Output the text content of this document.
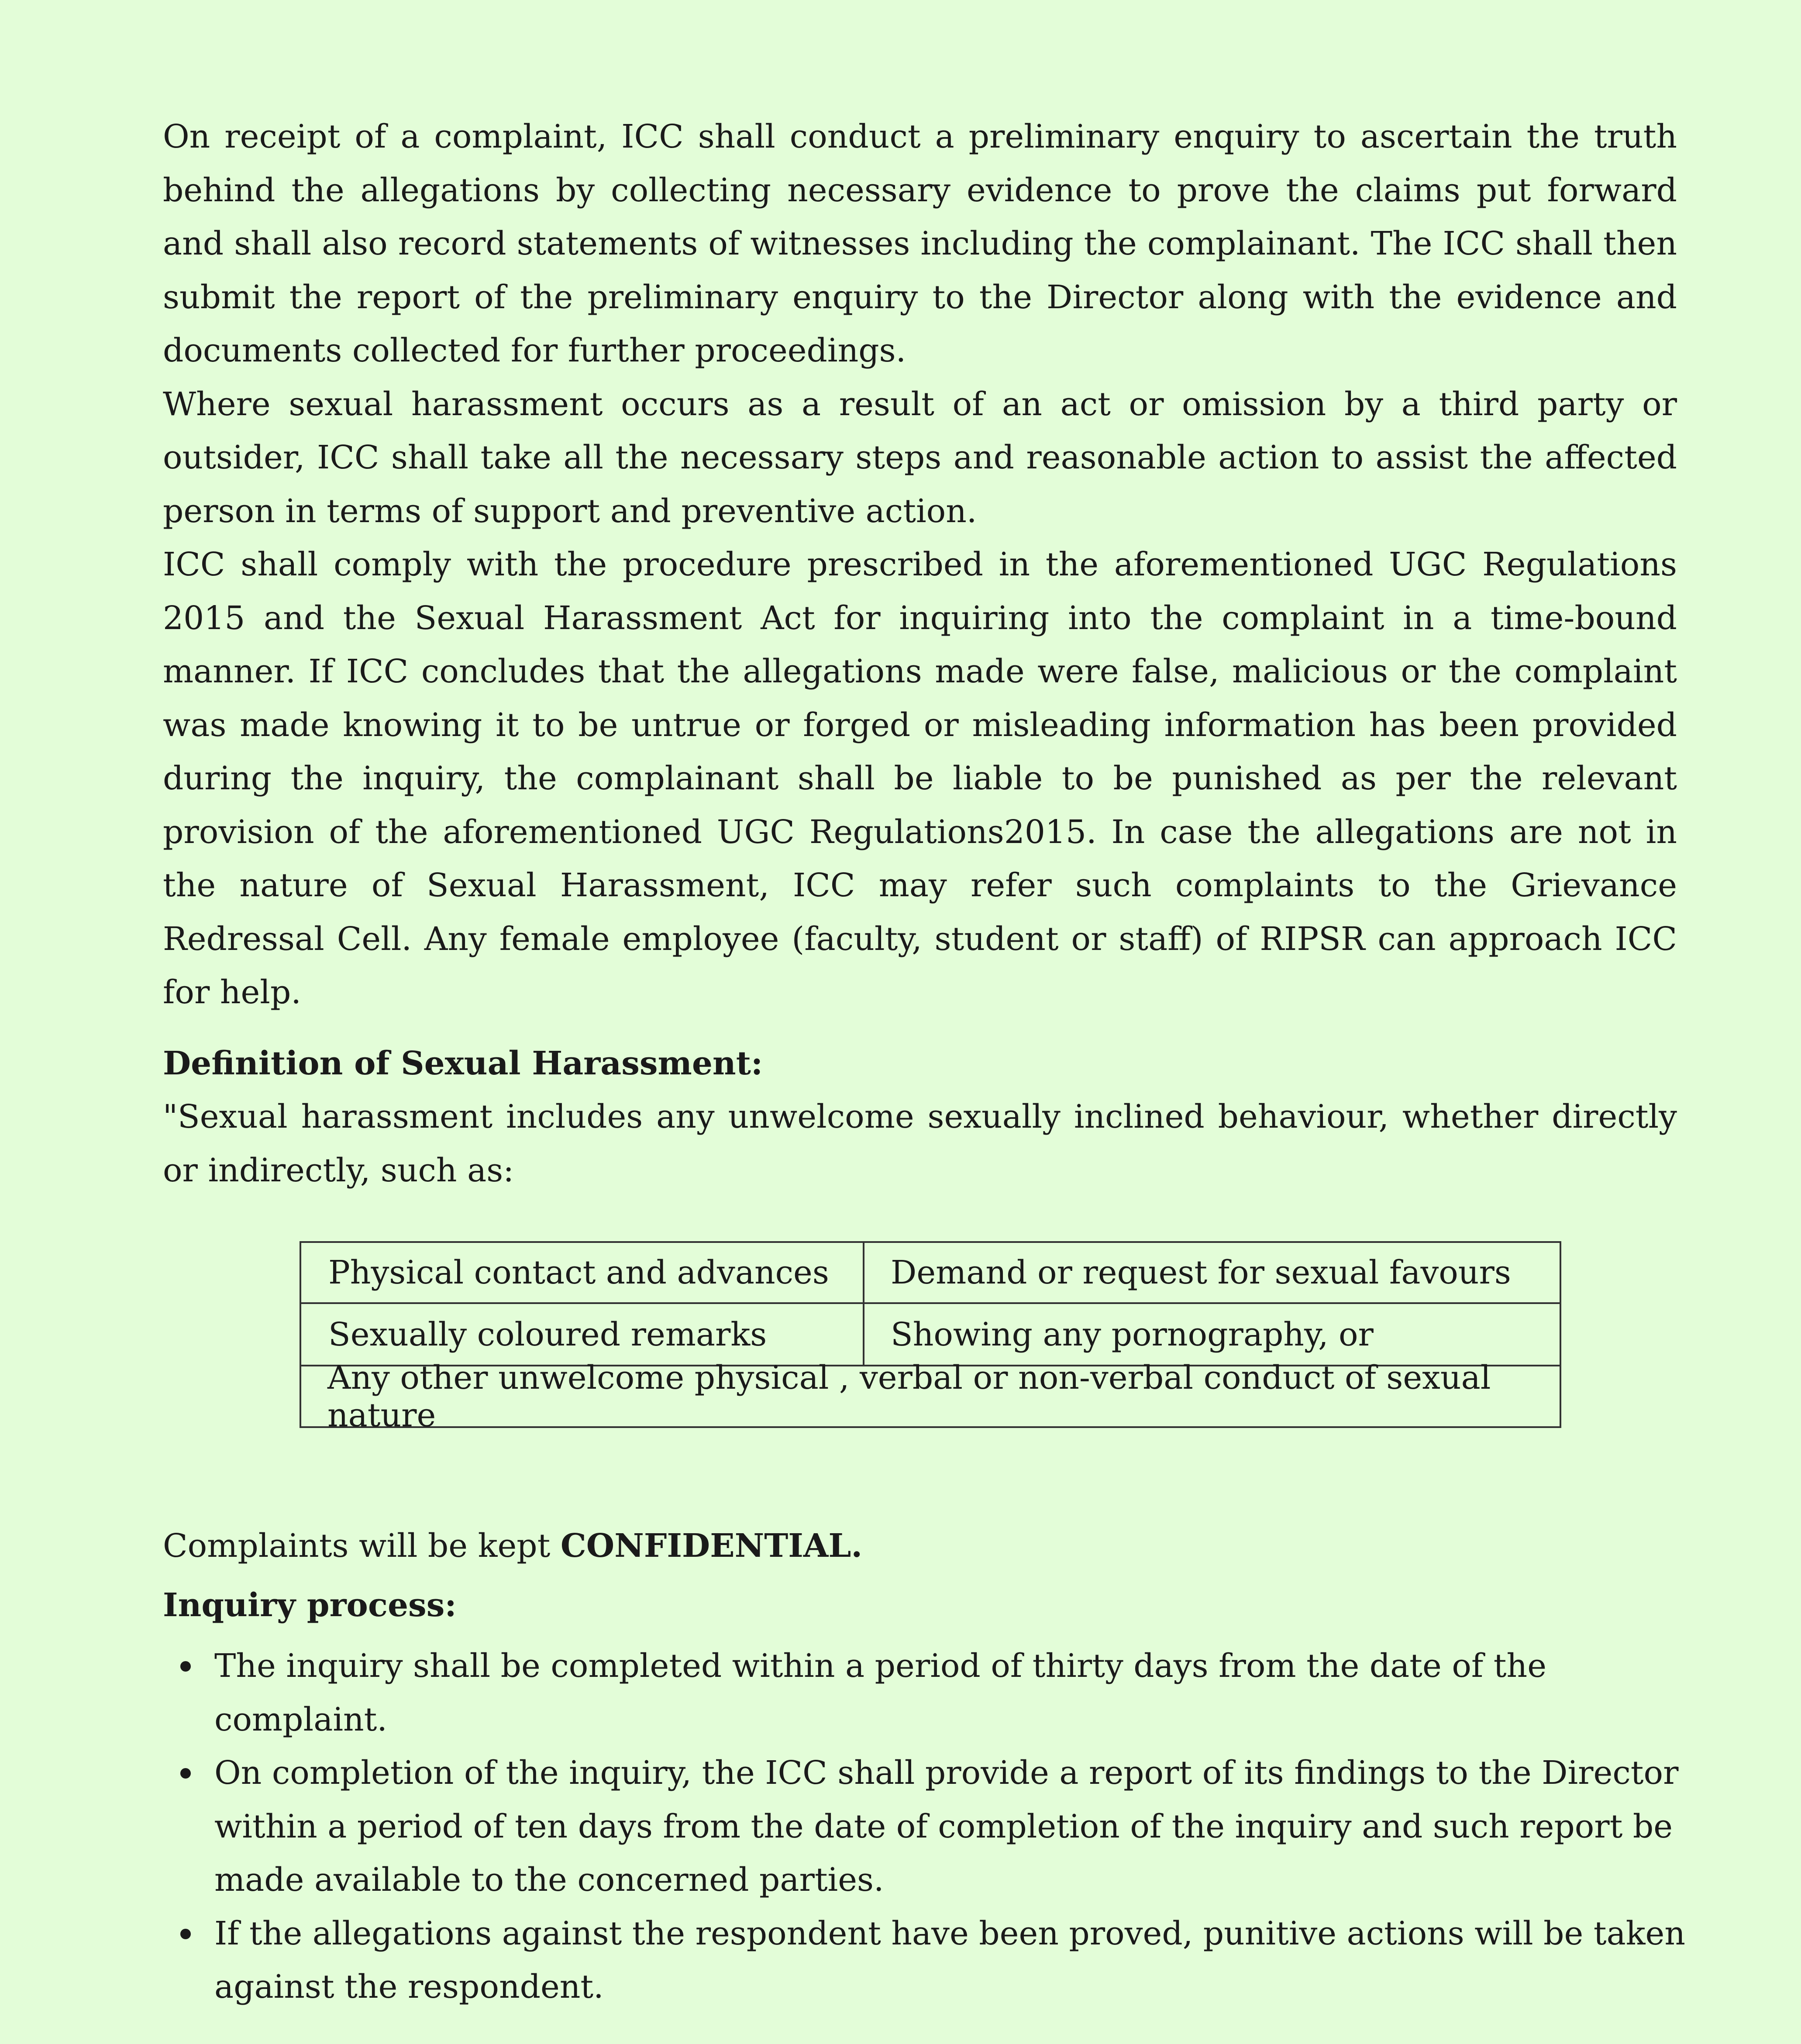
On receipt of a complaint, ICC shall conduct a preliminary enquiry to ascertain the truth behind the allegations by collecting necessary evidence to prove the claims put forward and shall also record statements of witnesses including the complainant. The ICC shall then submit the report of the preliminary enquiry to the Director along with the evidence and documents collected for further proceedings.

Where sexual harassment occurs as a result of an act or omission by a third party or outsider, ICC shall take all the necessary steps and reasonable action to assist the affected person in terms of support and preventive action.

ICC shall comply with the procedure prescribed in the aforementioned UGC Regulations 2015 and the Sexual Harassment Act for inquiring into the complaint in a time-bound manner. If ICC concludes that the allegations made were false, malicious or the complaint was made knowing it to be untrue or forged or misleading information has been provided during the inquiry, the complainant shall be liable to be punished as per the relevant provision of the aforementioned UGC Regulations2015. In case the allegations are not in the nature of Sexual Harassment, ICC may refer such complaints to the Grievance Redressal Cell. Any female employee (faculty, student or staff) of RIPSR can approach ICC for help.

Definition of Sexual Harassment:

"Sexual harassment includes any unwelcome sexually inclined behaviour, whether directly or indirectly, such as:

Physical contact and advances	Demand or request for sexual favours
Sexually coloured remarks	Showing any pornography, or
Any other unwelcome physical , verbal or non-verbal conduct of sexual nature

Complaints will be kept CONFIDENTIAL.

Inquiry process:

The inquiry shall be completed within a period of thirty days from the date of the complaint.
On completion of the inquiry, the ICC shall provide a report of its findings to the Director within a period of ten days from the date of completion of the inquiry and such report be made available to the concerned parties.
If the allegations against the respondent have been proved, punitive actions will be taken against the respondent.
